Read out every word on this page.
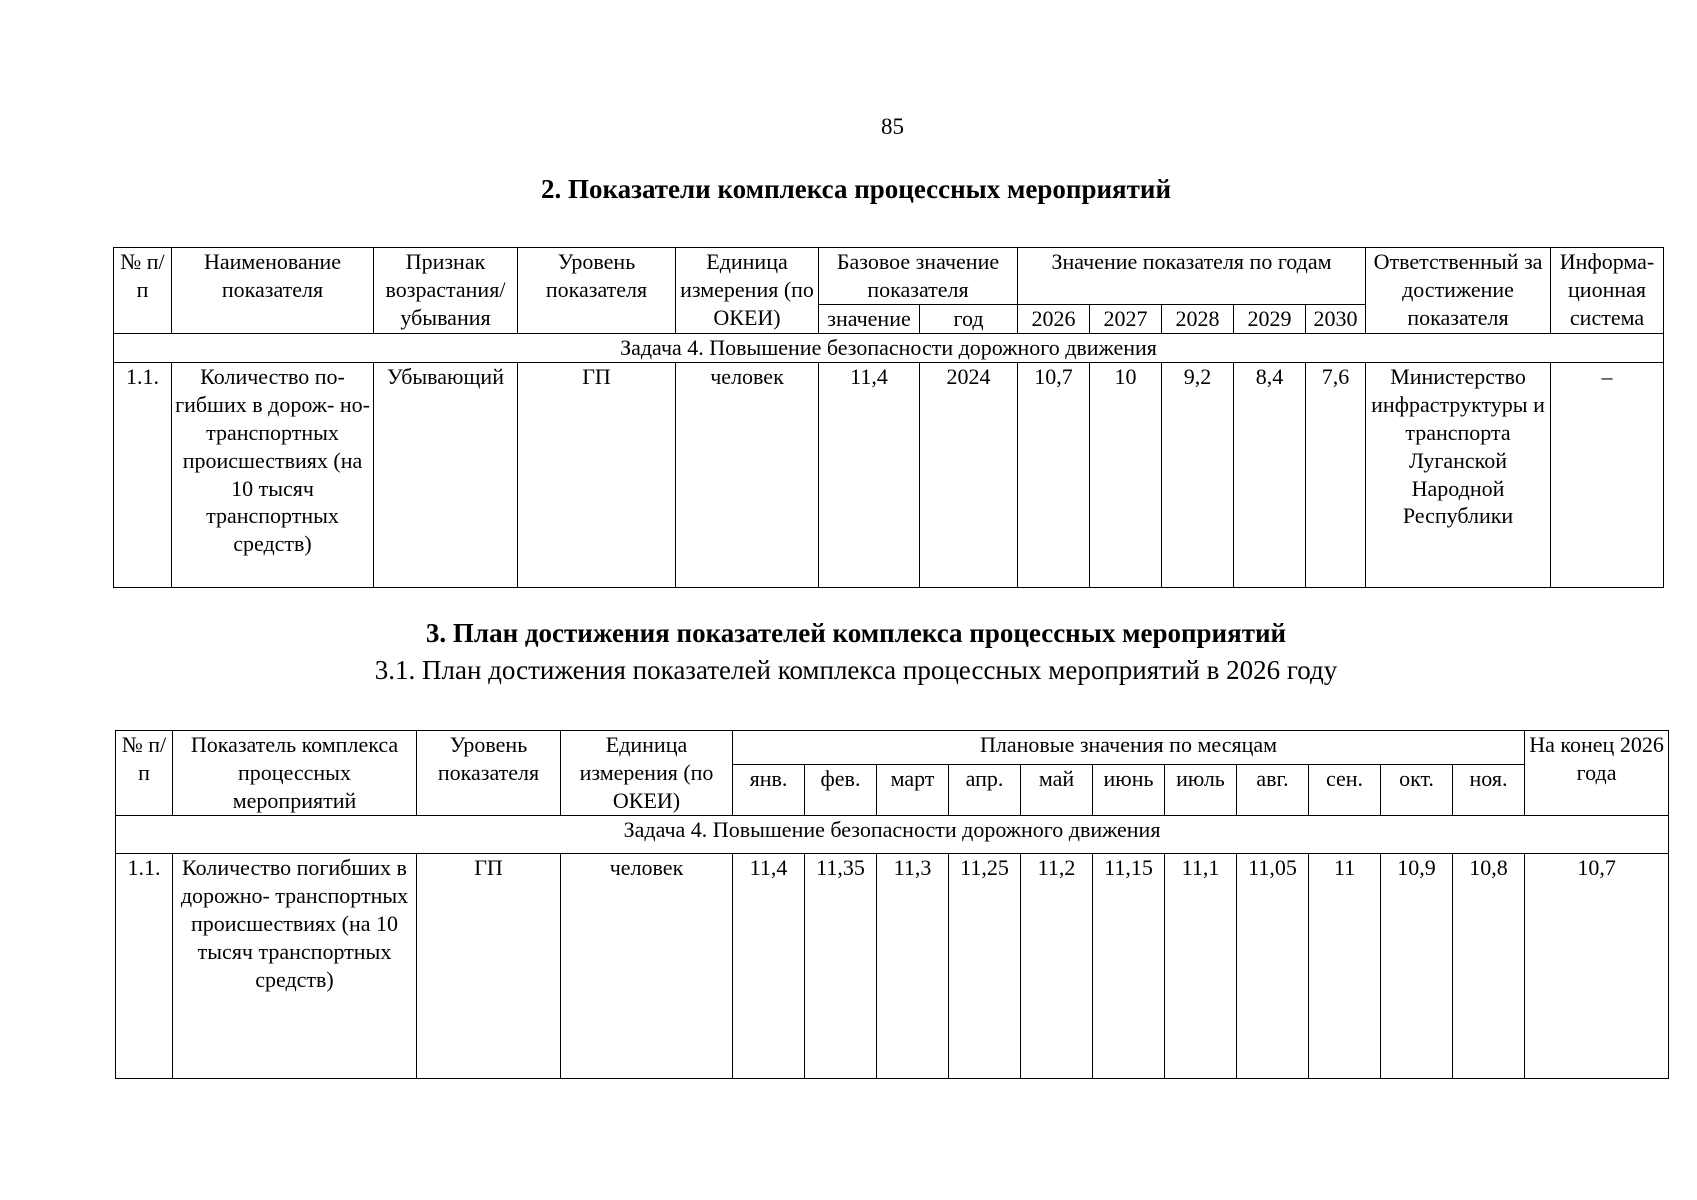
85
2. Показатели комплекса процессных мероприятий
№ п/п	Наименование показателя	Признак возрастания/ убывания	Уровень показателя	Единица измерения (по ОКЕИ)	Базовое значение показателя		Значение показателя по годам					Ответственный за достижение показателя	Информа- ционная система
					значение	год	2026	2027	2028	2029	2030		
Задача 4. Повышение безопасности дорожного движения													
1.1.	Количество по- гибших в дорож- но-транспортных происшествиях (на 10 тысяч транспортных средств)	Убывающий	ГП	человек	11,4	2024	10,7	10	9,2	8,4	7,6	Министерство инфраструктуры и транспорта Луганской Народной Республики	–
3. План достижения показателей комплекса процессных мероприятий
3.1. План достижения показателей комплекса процессных мероприятий в 2026 году
№ п/п	Показатель комплекса процессных мероприятий	Уровень показателя	Единица измерения (по ОКЕИ)	Плановые значения по месяцам											На конец 2026 года
				янв.	фев.	март	апр.	май	июнь	июль	авг.	сен.	окт.	ноя.	
Задача 4. Повышение безопасности дорожного движения															
1.1.	Количество погибших в дорожно- транспортных происшествиях (на 10 тысяч транспортных средств)	ГП	человек	11,4	11,35	11,3	11,25	11,2	11,15	11,1	11,05	11	10,9	10,8	10,7
